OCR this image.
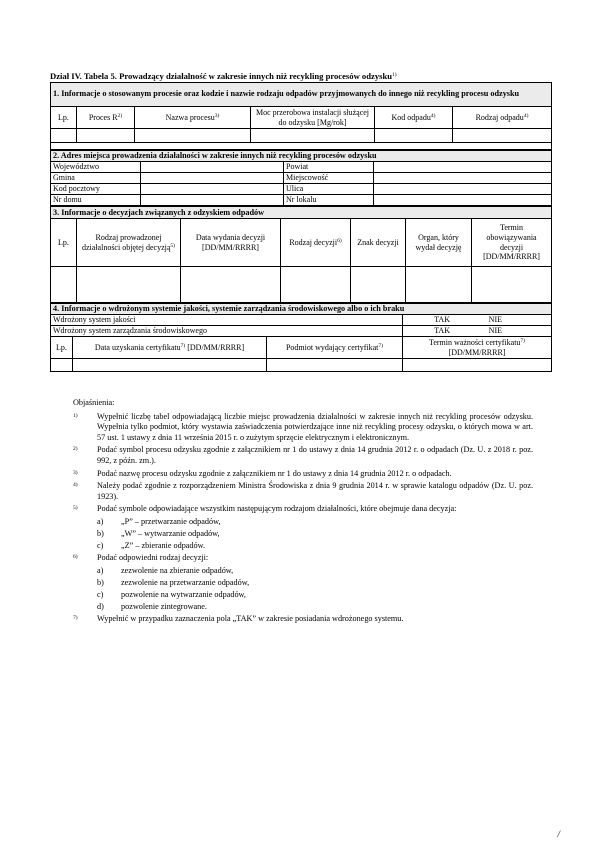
Dział IV. Tabela 5. Prowadzący działalność w zakresie innych niż recykling procesów odzysku$^{1)}$

1. Informacje o stosowanym procesie oraz kodzie i nazwie rodzaju odpadów przyjmowanych do innego niż recykling procesu odzysku					
Lp.	Proces $R^{2)}$	Nazwa procesu$^{3)}$	Moc przerobowa instalacji służącej do odzysku [Mg/rok]	Kod odpadu$^{4)}$	Rodzaj odpadu$^{4)}$

2. Adres miejsca prowadzenia działalności w zakresie innych niż recykling procesów odzysku			
Województwo		Powiat	
Gmina		Miejscowość	
Kod pocztowy		Ulica	
Nr domu		Nr lokalu	
3. Informacje o decyzjach związanych z odzyskiem odpadów						
Lp.	Rodzaj prowadzonej działalności objętej decyzją$^{5)}$	Data wydania decyzji [DD/MM/RRRR]	Rodzaj decyzji$^{6)}$	Znak decyzji	Organ, który wydał decyzję	Termin obowiązywania decyzji [DD/MM/RRRR]

4. Informacje o wdrożonym systemie jakości, systemie zarządzania środowiskowego albo o ich braku			
Wdrożony system jakości			TAK NIE
Wdrożony system zarządzania środowiskowego			TAK NIE
Lp.	Data uzyskania certyfikatu$^{7)}$ [DD/MM/RRRR]	Podmiot wydający certyfikat$^{7)}$	Termin ważności certyfikatu$^{7)}$ [DD/MM/RRRR]

Objaśnienia:

1) Wypełnić liczbę tabel odpowiadającą liczbie miejsc prowadzenia działalności w zakresie innych niż recykling procesów odzysku. Wypełnia tylko podmiot, który wystawia zaświadczenia potwierdzające inne niż recykling procesy odzysku, o których mowa w art. 57 ust. 1 ustawy z dnia 11 września 2015 r. o zużytym sprzęcie elektrycznym i elektronicznym.

2) Podać symbol procesu odzysku zgodnie z załącznikiem nr 1 do ustawy z dnia 14 grudnia 2012 r. o odpadach (Dz. U. z 2018 r. poz. 992, z późn. zm.).

3) Podać nazwę procesu odzysku zgodnie z załącznikiem nr 1 do ustawy z dnia 14 grudnia 2012 r. o odpadach.

4) Należy podać zgodnie z rozporządzeniem Ministra Środowiska z dnia 9 grudnia 2014 r. w sprawie katalogu odpadów (Dz. U. poz. 1923).

5) Podać symbole odpowiadające wszystkim następującym rodzajom działalności, które obejmuje dana decyzja:

a) „P” – przetwarzanie odpadów,

b) „W” – wytwarzanie odpadów,

c) „Z” – zbieranie odpadów.

6) Podać odpowiedni rodzaj decyzji:

a) zezwolenie na zbieranie odpadów,

b) zezwolenie na przetwarzanie odpadów,

c) pozwolenie na wytwarzanie odpadów,

d) pozwolenie zintegrowane.

7) Wypełnić w przypadku zaznaczenia pola „TAK” w zakresie posiadania wdrożonego systemu.

/
